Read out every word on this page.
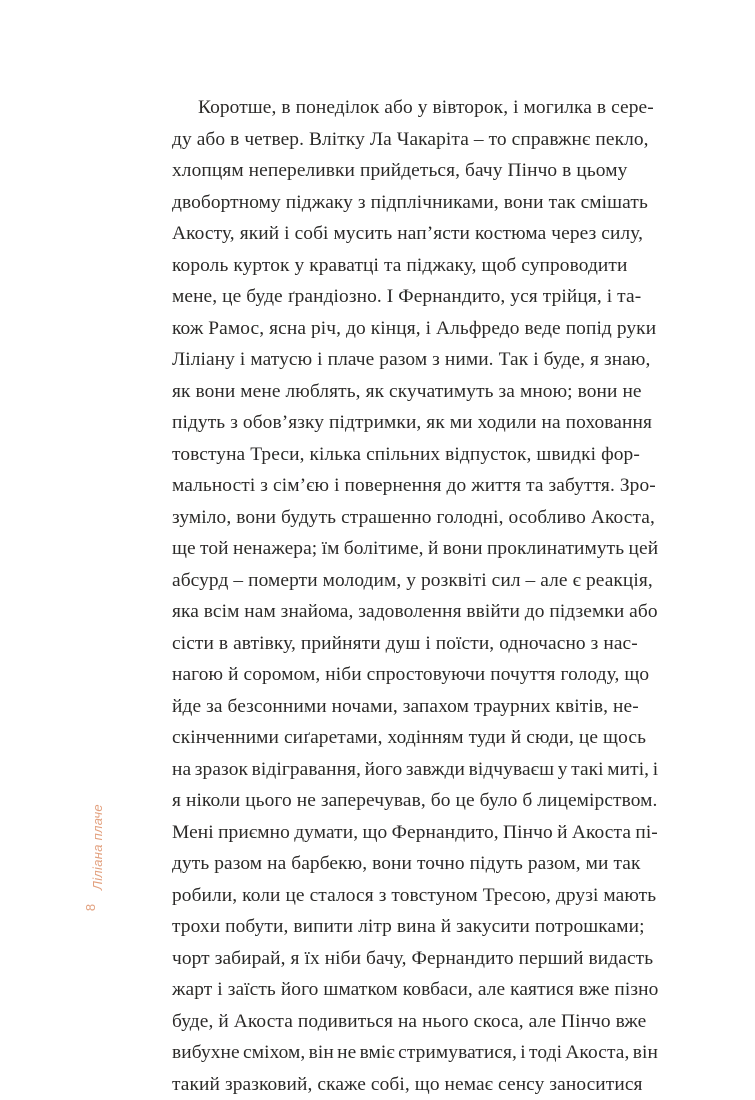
Коротше, в понеділок або у вівторок, і могилка в сере-
ду або в четвер. Влітку Ла Чакаріта – то справжнє пекло,
хлопцям непереливки прийдеться, бачу Пінчо в цьому
двобортному піджаку з підплічниками, вони так смішать
Акосту, який і собі мусить нап’ясти костюма через силу,
король курток у краватці та піджаку, щоб супроводити
мене, це буде ґрандіозно. І Фернандито, уся трійця, і та-
кож Рамос, ясна річ, до кінця, і Альфредо веде попід руки
Ліліану і матусю і плаче разом з ними. Так і буде, я знаю,
як вони мене люблять, як скучатимуть за мною; вони не
підуть з обов’язку підтримки, як ми ходили на поховання
товстуна Треси, кілька спільних відпусток, швидкі фор-
мальності з сім’єю і повернення до життя та забуття. Зро-
зуміло, вони будуть страшенно голодні, особливо Акоста,
ще той ненажера; їм болітиме, й вони проклинатимуть цей
абсурд – померти молодим, у розквіті сил – але є реакція,
яка всім нам знайома, задоволення ввійти до підземки або
сісти в автівку, прийняти душ і поїсти, одночасно з нас-
нагою й соромом, ніби спростовуючи почуття голоду, що
йде за безсонними ночами, запахом траурних квітів, не-
скінченними сиґаретами, ходінням туди й сюди, це щось
на зразок відігравання, його завжди відчуваєш у такі миті, і
я ніколи цього не заперечував, бо це було б лицемірством.
Мені приємно думати, що Фернандито, Пінчо й Акоста пі-
дуть разом на барбекю, вони точно підуть разом, ми так
робили, коли це сталося з товстуном Тресою, друзі мають
трохи побути, випити літр вина й закусити потрошками;
чорт забирай, я їх ніби бачу, Фернандито перший видасть
жарт і заїсть його шматком ковбаси, але каятися вже пізно
буде, й Акоста подивиться на нього скоса, але Пінчо вже
вибухне сміхом, він не вміє стримуватися, і тоді Акоста, він
такий зразковий, скаже собі, що немає сенсу заноситися
Ліліана плаче
8
